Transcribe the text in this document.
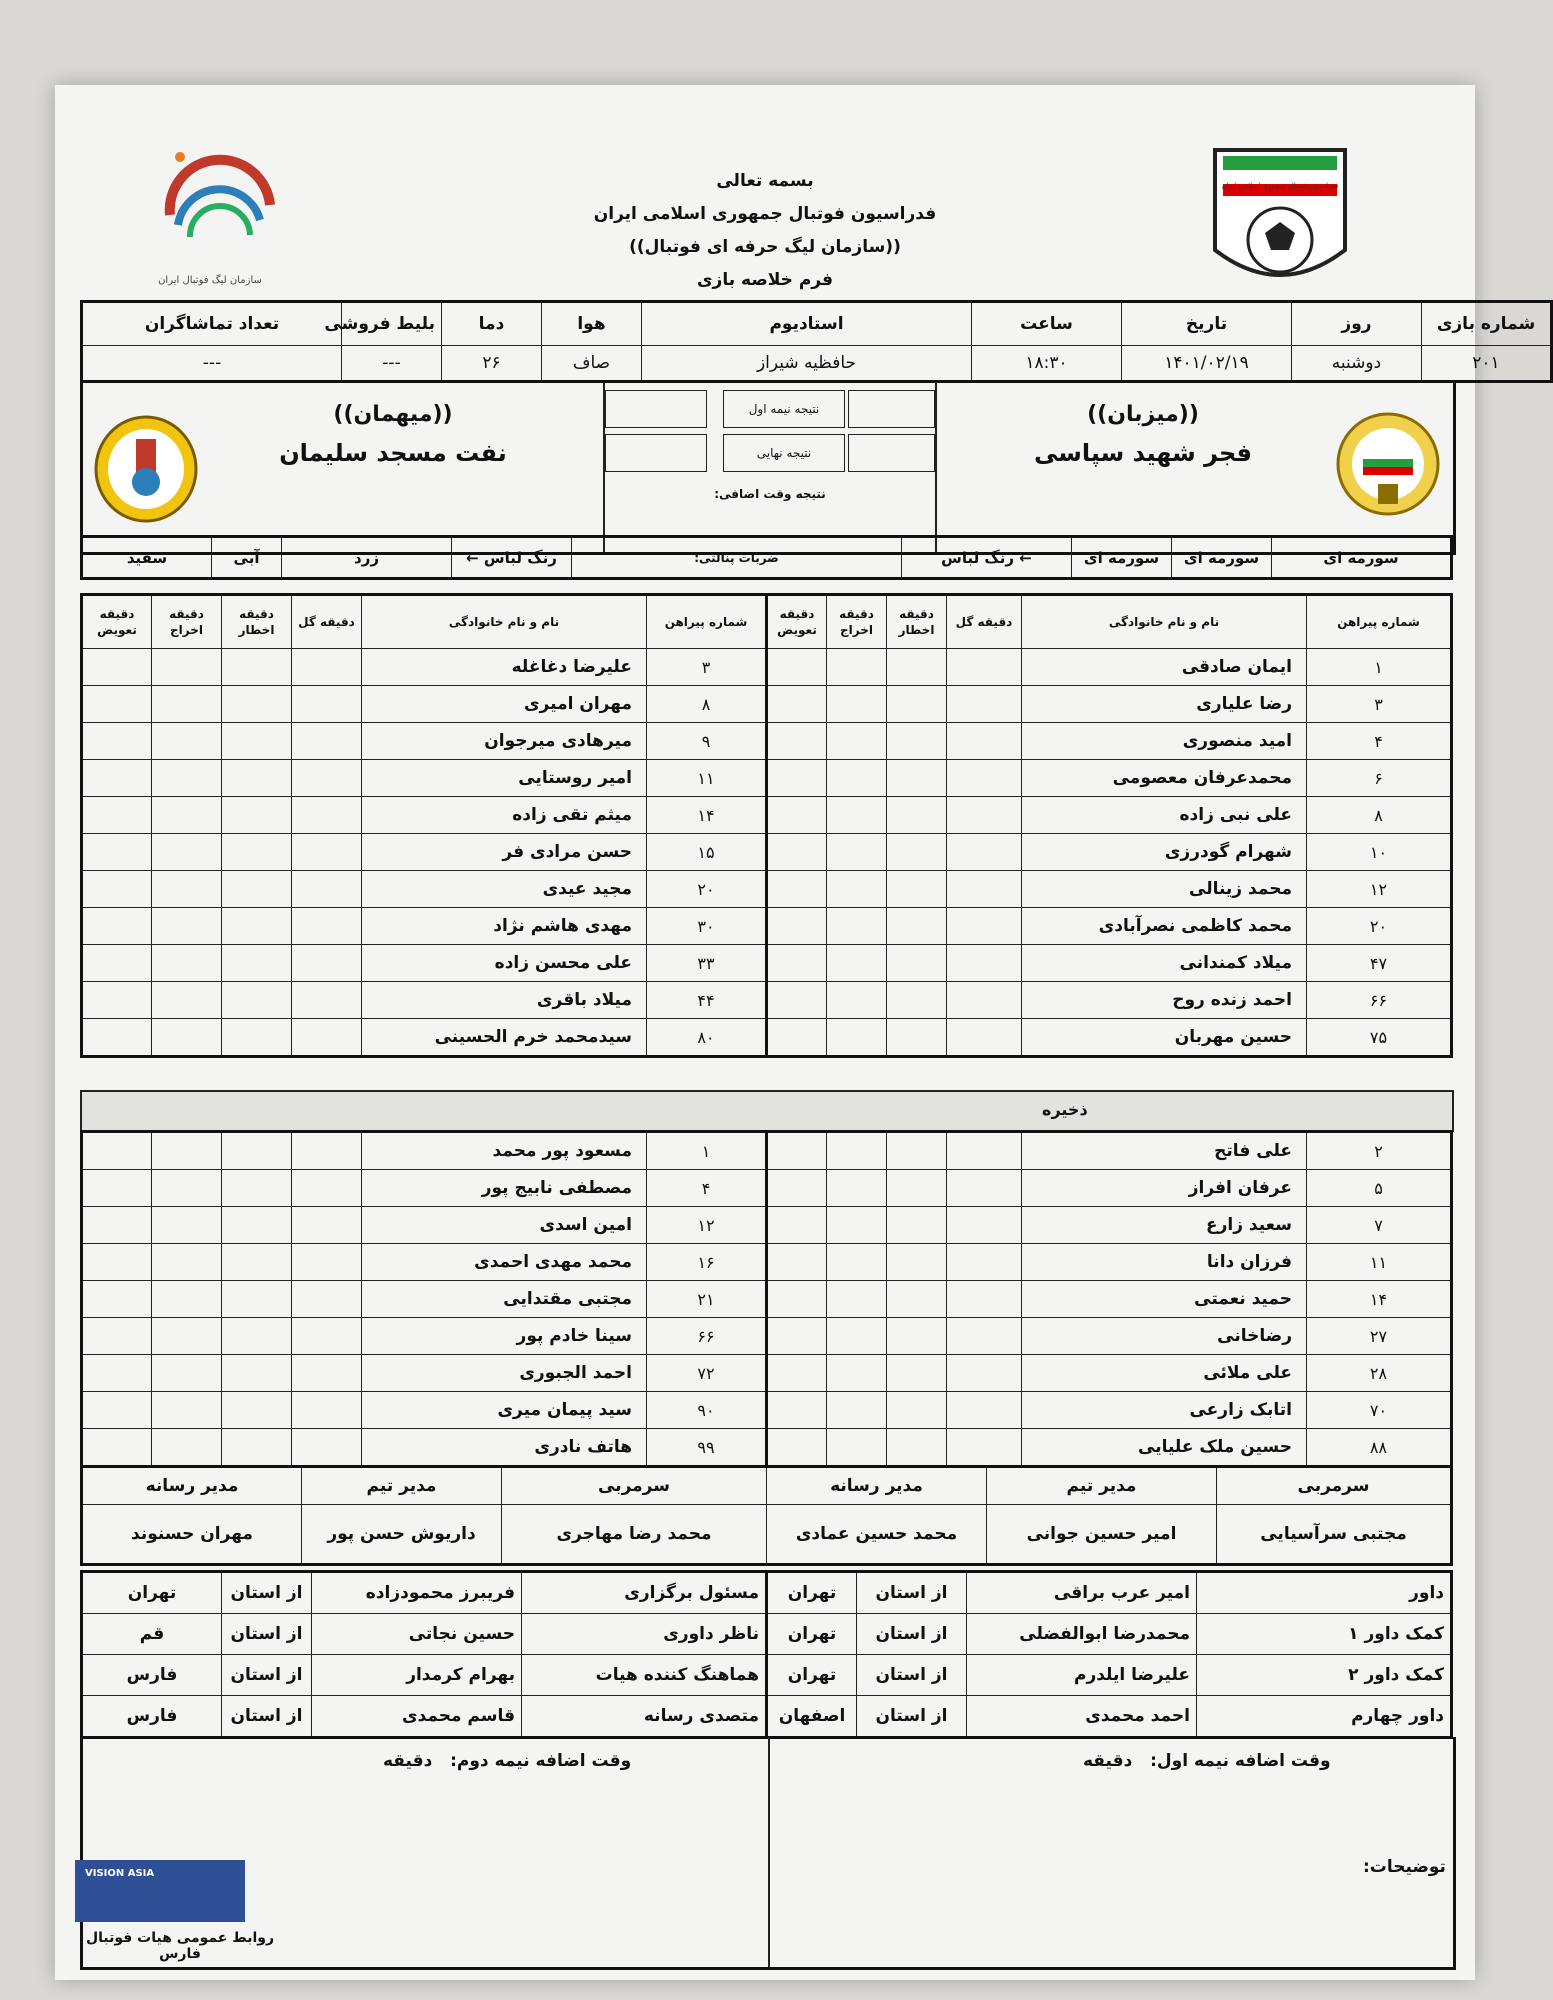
سازمان لیگ فوتبال ایران
بسمه تعالی
فدراسیون فوتبال جمهوری اسلامی ایران
((سازمان لیگ حرفه ای فوتبال))
فرم خلاصه بازی
فدراسیون فوتبال جمهوری اسلامی ایران
تعداد تماشاگران	بلیط فروشی	دما	هوا	استادیوم	ساعت	تاریخ	روز	شماره بازی
---	---	۲۶	صاف	حافظیه شیراز	۱۸:۳۰	۱۴۰۱/۰۲/۱۹	دوشنبه	۲۰۱
((میهمان))
نفت مسجد سلیمان
نتیجه نیمه اول
نتیجه نهایی
نتیجه وقت اضافی:
((میزبان))
فجر شهید سپاسی
سفید	آبی	زرد	رنگ لباس ←	ضربات پنالتی:	← رنگ لباس	سورمه ای	سورمه ای	سورمه ای
دقیقه تعویض	دقیقه اخراج	دقیقه اخطار	دقیقه گل	نام و نام خانوادگی	شماره پیراهن
				علیرضا دغاغله	۳
				مهران امیری	۸
				میرهادی میرجوان	۹
				امیر روستایی	۱۱
				میثم تقی زاده	۱۴
				حسن مرادی فر	۱۵
				مجید عیدی	۲۰
				مهدی هاشم نژاد	۳۰
				علی محسن زاده	۳۳
				میلاد باقری	۴۴
				سیدمحمد خرم الحسینی	۸۰
دقیقه تعویض	دقیقه اخراج	دقیقه اخطار	دقیقه گل	نام و نام خانوادگی	شماره پیراهن
				ایمان صادقی	۱
				رضا علیاری	۳
				امید منصوری	۴
				محمدعرفان معصومی	۶
				علی نبی زاده	۸
				شهرام گودرزی	۱۰
				محمد زینالی	۱۲
				محمد کاظمی نصرآبادی	۲۰
				میلاد کمندانی	۴۷
				احمد زنده روح	۶۶
				حسین مهربان	۷۵
ذخیره
				مسعود پور محمد	۱
				مصطفی نابیج پور	۴
				امین اسدی	۱۲
				محمد مهدی احمدی	۱۶
				مجتبی مقتدایی	۲۱
				سینا خادم پور	۶۶
				احمد الجبوری	۷۲
				سید پیمان میری	۹۰
				هاتف نادری	۹۹
				علی فاتح	۲
				عرفان افراز	۵
				سعید زارع	۷
				فرزان دانا	۱۱
				حمید نعمتی	۱۴
				رضاخانی	۲۷
				علی ملائی	۲۸
				اتابک زارعی	۷۰
				حسین ملک علیایی	۸۸
مدیر رسانه	مدیر تیم	سرمربی	مدیر رسانه	مدیر تیم	سرمربی
مهران حسنوند	داریوش حسن پور	محمد رضا مهاجری	محمد حسین عمادی	امیر حسین جوانی	مجتبی سرآسیایی
تهران	از استان	فریبرز محمودزاده	مسئول برگزاری
قم	از استان	حسین نجاتی	ناظر داوری
فارس	از استان	بهرام کرمدار	هماهنگ کننده هیات
فارس	از استان	قاسم محمدی	متصدی رسانه
تهران	از استان	امیر عرب براقی	داور
تهران	از استان	محمدرضا ابوالفضلی	کمک داور ۱
تهران	از استان	علیرضا ایلدرم	کمک داور ۲
اصفهان	از استان	احمد محمدی	داور چهارم
وقت اضافه نیمه دوم:   دقیقه	وقت اضافه نیمه اول:   دقیقه
توضیحات:
VISION ASIA
روابط عمومی هیات فوتبال فارس
